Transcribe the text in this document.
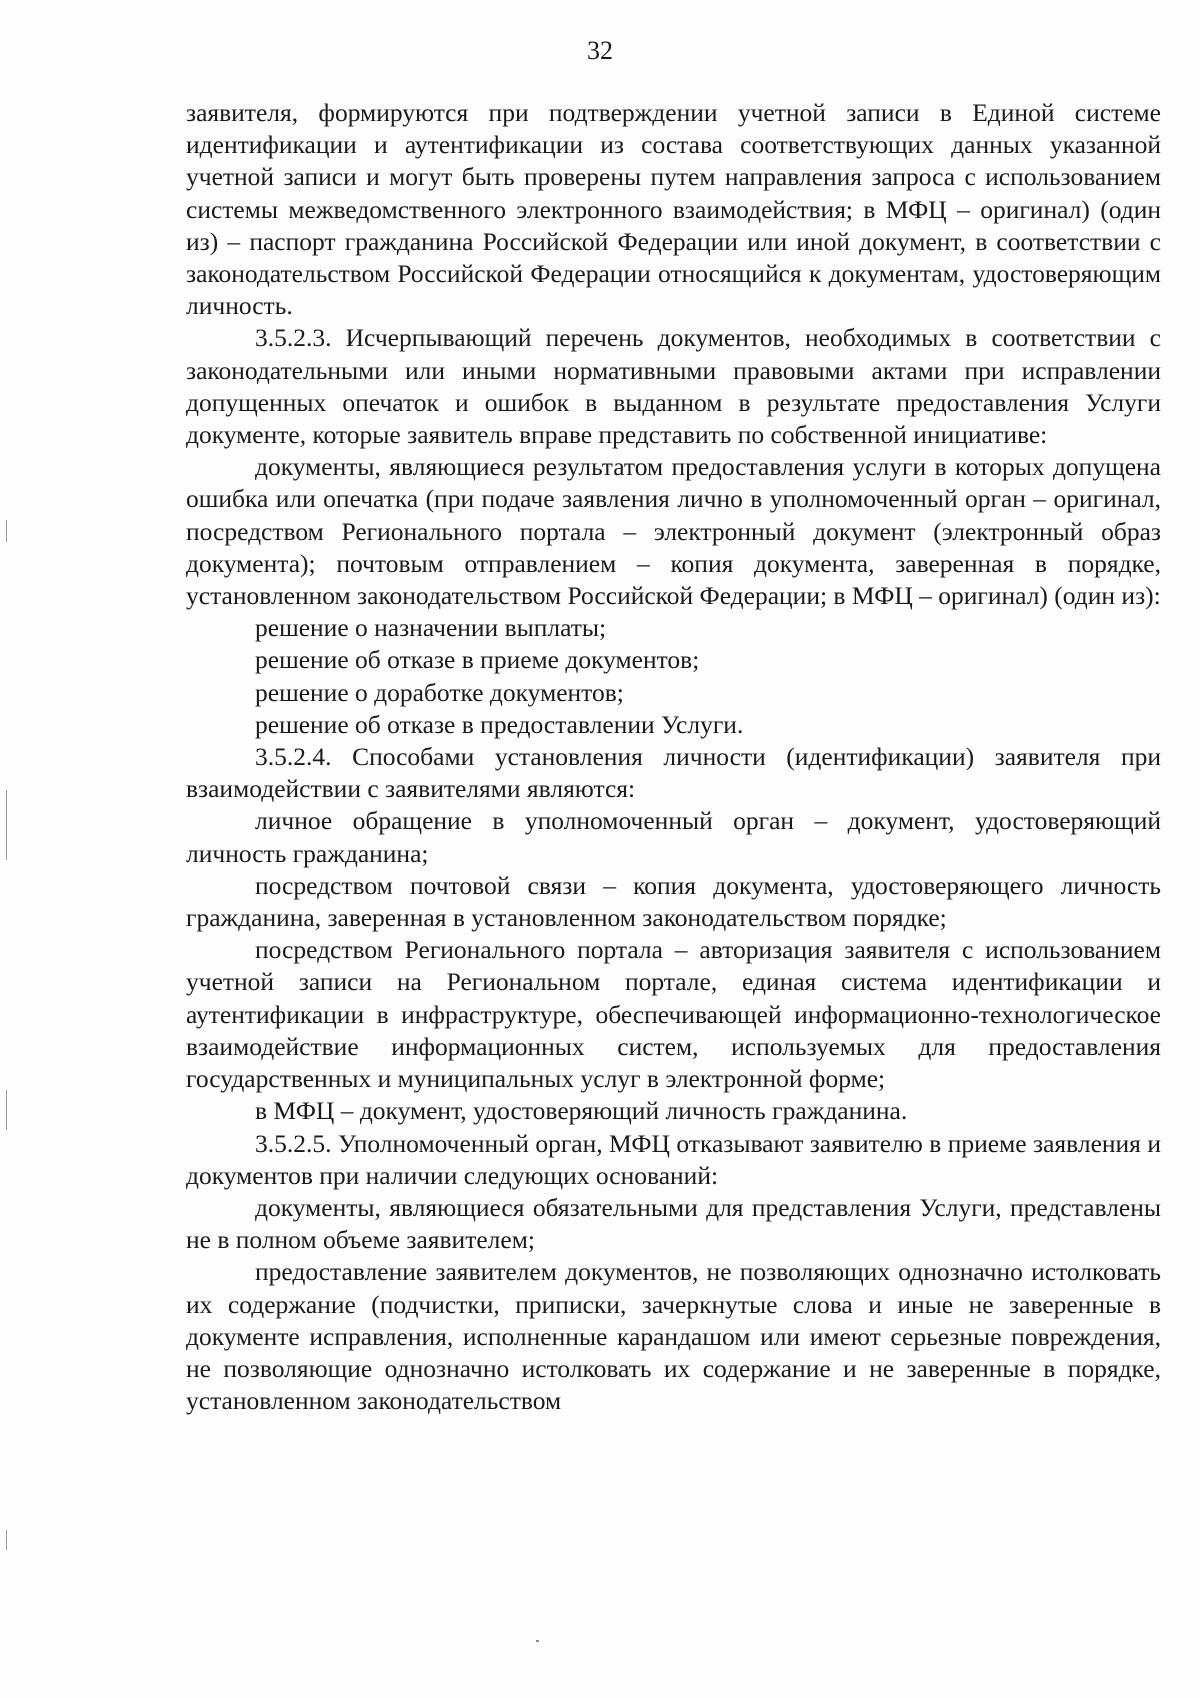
32

заявителя, формируются при подтверждении учетной записи в Единой системе идентификации и аутентификации из состава соответствующих данных указанной учетной записи и могут быть проверены путем направления запроса с использованием системы межведомственного электронного взаимодействия; в МФЦ – оригинал) (один из) – паспорт гражданина Российской Федерации или иной документ, в соответствии с законодательством Российской Федерации относящийся к документам, удостоверяющим личность.

3.5.2.3. Исчерпывающий перечень документов, необходимых в соответствии с законодательными или иными нормативными правовыми актами при исправлении допущенных опечаток и ошибок в выданном в результате предоставления Услуги документе, которые заявитель вправе представить по собственной инициативе:

документы, являющиеся результатом предоставления услуги в которых допущена ошибка или опечатка (при подаче заявления лично в уполномоченный орган – оригинал, посредством Регионального портала – электронный документ (электронный образ документа); почтовым отправлением – копия документа, заверенная в порядке, установленном законодательством Российской Федерации; в МФЦ – оригинал) (один из):

решение о назначении выплаты;

решение об отказе в приеме документов;

решение о доработке документов;

решение об отказе в предоставлении Услуги.

3.5.2.4. Способами установления личности (идентификации) заявителя при взаимодействии с заявителями являются:

личное обращение в уполномоченный орган – документ, удостоверяющий личность гражданина;

посредством почтовой связи – копия документа, удостоверяющего личность гражданина, заверенная в установленном законодательством порядке;

посредством Регионального портала – авторизация заявителя с использованием учетной записи на Региональном портале, единая система идентификации и аутентификации в инфраструктуре, обеспечивающей информационно-технологическое взаимодействие информационных систем, используемых для предоставления государственных и муниципальных услуг в электронной форме;

в МФЦ – документ, удостоверяющий личность гражданина.

3.5.2.5. Уполномоченный орган, МФЦ отказывают заявителю в приеме заявления и документов при наличии следующих оснований:

документы, являющиеся обязательными для представления Услуги, представлены не в полном объеме заявителем;

предоставление заявителем документов, не позволяющих однозначно истолковать их содержание (подчистки, приписки, зачеркнутые слова и иные не заверенные в документе исправления, исполненные карандашом или имеют серьезные повреждения, не позволяющие однозначно истолковать их содержание и не заверенные в порядке, установленном законодательством
